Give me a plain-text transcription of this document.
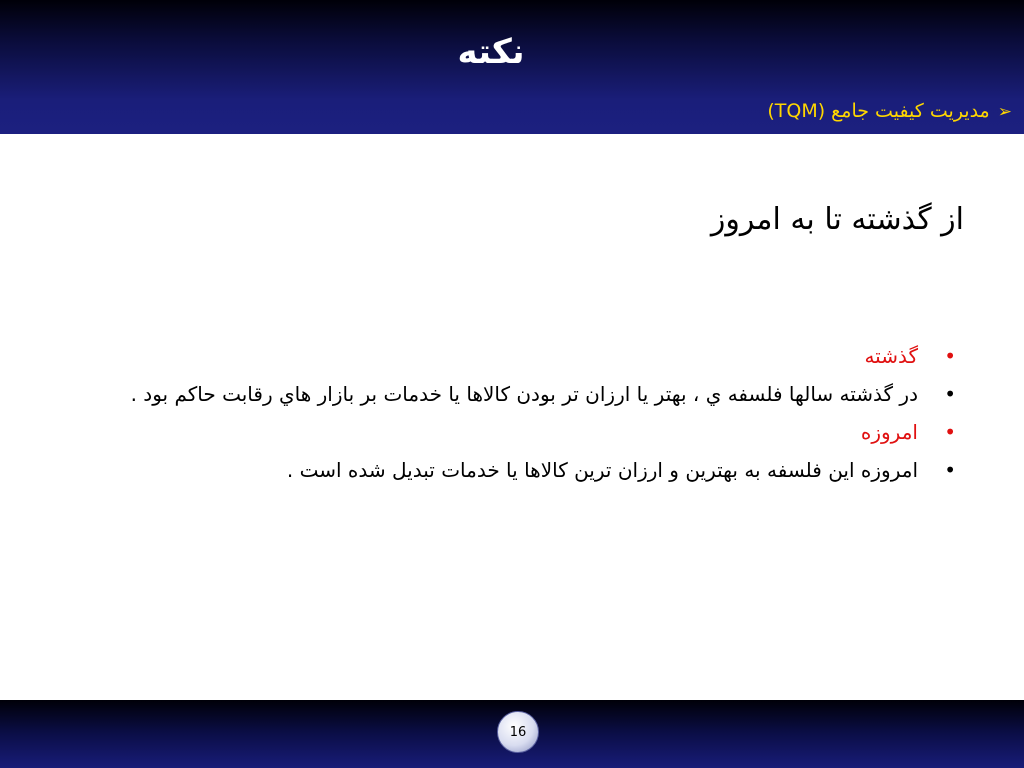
نكته
➢مديريت كيفيت جامع (TQM)
از گذشته تا به امروز
•
گذشته
•
در گذشته سالها فلسفه ي ، بهتر يا ارزان تر بودن كالاها يا خدمات بر بازار هاي رقابت حاكم بود .
•
امروزه
•
امروزه اين فلسفه به بهترين و ارزان ترين كالاها يا خدمات تبديل شده است .
16
